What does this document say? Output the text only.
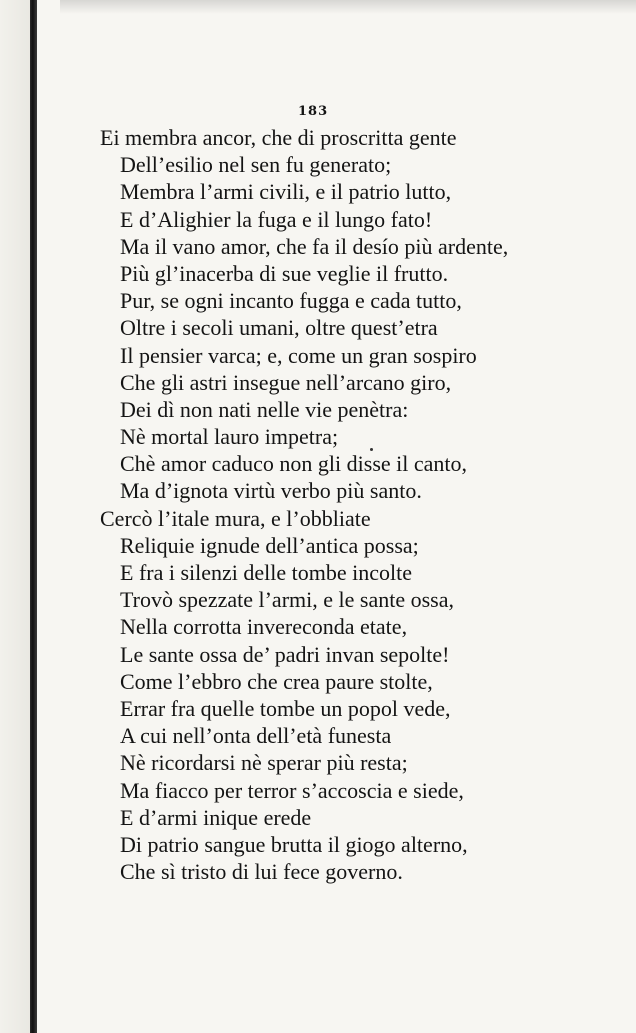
183
Ei membra ancor, che di proscritta gente
Dell’esilio nel sen fu generato;
Membra l’armi civili, e il patrio lutto,
E d’Alighier la fuga e il lungo fato!
Ma il vano amor, che fa il desío più ardente,
Più gl’inacerba di sue veglie il frutto.
Pur, se ogni incanto fugga e cada tutto,
Oltre i secoli umani, oltre quest’etra
Il pensier varca; e, come un gran sospiro
Che gli astri insegue nell’arcano giro,
Dei dì non nati nelle vie penètra:
Nè mortal lauro impetra;
Chè amor caduco non gli disse il canto,
Ma d’ignota virtù verbo più santo.
Cercò l’itale mura, e l’obbliate
Reliquie ignude dell’antica possa;
E fra i silenzi delle tombe incolte
Trovò spezzate l’armi, e le sante ossa,
Nella corrotta invereconda etate,
Le sante ossa de’ padri invan sepolte!
Come l’ebbro che crea paure stolte,
Errar fra quelle tombe un popol vede,
A cui nell’onta dell’età funesta
Nè ricordarsi nè sperar più resta;
Ma fiacco per terror s’accoscia e siede,
E d’armi inique erede
Di patrio sangue brutta il giogo alterno,
Che sì tristo di lui fece governo.
